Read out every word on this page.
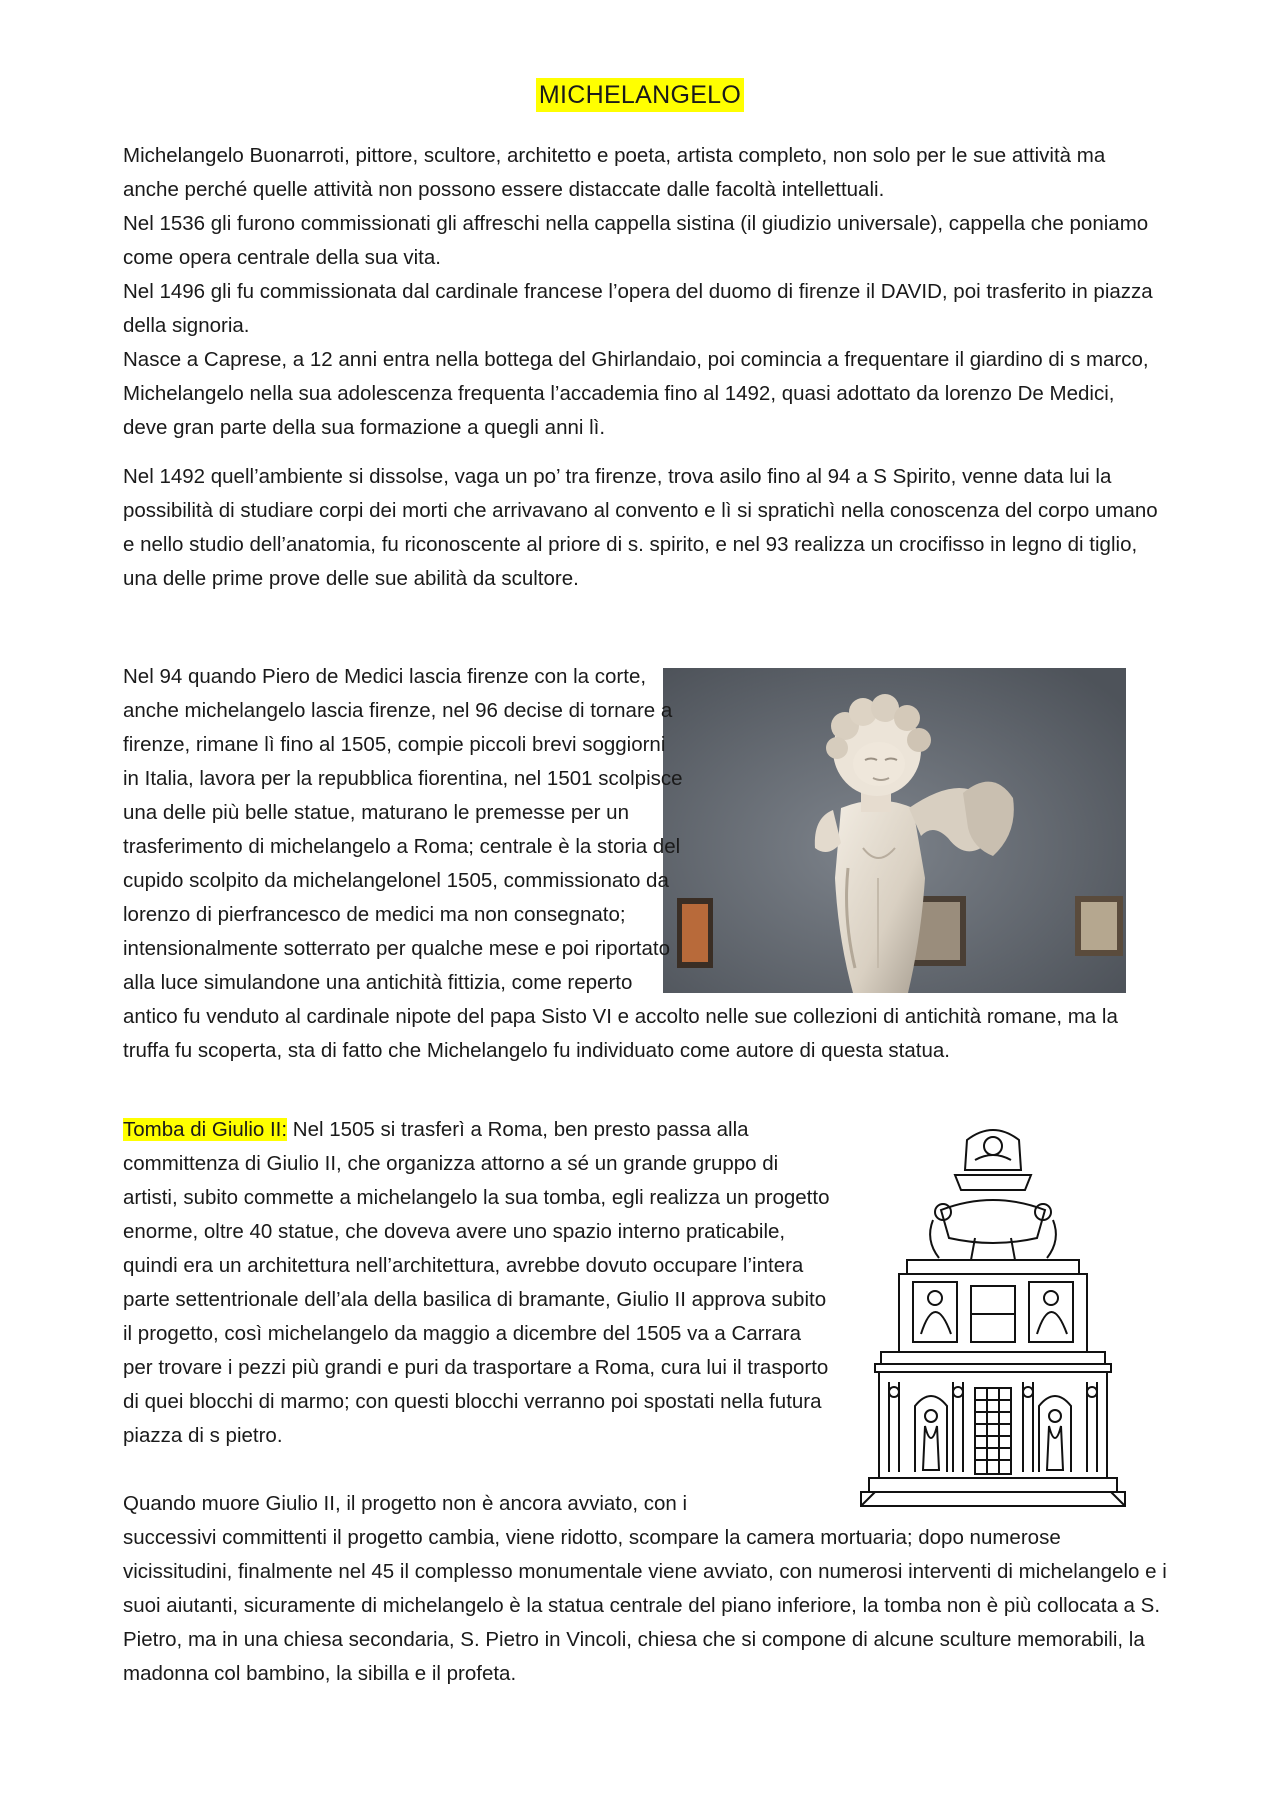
MICHELANGELO

Michelangelo Buonarroti, pittore, scultore, architetto e poeta, artista completo, non solo per le sue attività ma anche perché quelle attività non possono essere distaccate dalle facoltà intellettuali.

Nel 1536 gli furono commissionati gli affreschi nella cappella sistina (il giudizio universale), cappella che poniamo come opera centrale della sua vita.

Nel 1496 gli fu commissionata dal cardinale francese l’opera del duomo di firenze il DAVID, poi trasferito in piazza della signoria.

Nasce a Caprese, a 12 anni entra nella bottega del Ghirlandaio, poi comincia a frequentare il giardino di s marco, Michelangelo nella sua adolescenza frequenta l’accademia fino al 1492, quasi adottato da lorenzo De Medici, deve gran parte della sua formazione a quegli anni lì.

Nel 1492 quell’ambiente si dissolse, vaga un po’ tra firenze, trova asilo fino al 94 a S Spirito, venne data lui la possibilità di studiare corpi dei morti che arrivavano al convento e lì si spratichì nella conoscenza del corpo umano e nello studio dell’anatomia, fu riconoscente al priore di s. spirito, e nel 93 realizza un crocifisso in legno di tiglio, una delle prime prove delle sue abilità da scultore.

Nel 94 quando Piero de Medici lascia firenze con la corte, anche michelangelo lascia firenze, nel 96 decise di tornare a firenze, rimane lì fino al 1505, compie piccoli brevi soggiorni in Italia, lavora per la repubblica fiorentina, nel 1501 scolpisce una delle più belle statue, maturano le premesse per un trasferimento di michelangelo a Roma; centrale è la storia del cupido scolpito da michelangelonel 1505, commissionato da lorenzo di pierfrancesco de medici ma non consegnato; intensionalmente sotterrato per qualche mese e poi riportato alla luce simulandone una antichità fittizia, come reperto antico fu venduto al cardinale nipote del papa Sisto VI e accolto nelle sue collezioni di antichità romane, ma la truffa fu scoperta, sta di fatto che Michelangelo fu individuato come autore di questa statua.

Tomba di Giulio II: Nel 1505 si trasferì a Roma, ben presto passa alla committenza di Giulio II, che organizza attorno a sé un grande gruppo di artisti, subito commette a michelangelo la sua tomba, egli realizza un progetto enorme, oltre 40 statue, che doveva avere uno spazio interno praticabile, quindi era un architettura nell’architettura, avrebbe dovuto occupare l’intera parte settentrionale dell’ala della basilica di bramante, Giulio II approva subito il progetto, così michelangelo da maggio a dicembre del 1505 va a Carrara per trovare i pezzi più grandi e puri da trasportare a Roma, cura lui il trasporto di quei blocchi di marmo; con questi blocchi verranno poi spostati nella futura piazza di s pietro.

Quando muore Giulio II, il progetto non è ancora avviato, con i successivi committenti il progetto cambia, viene ridotto, scompare la camera mortuaria; dopo numerose vicissitudini, finalmente nel 45 il complesso monumentale viene avviato, con numerosi interventi di michelangelo e i suoi aiutanti, sicuramente di michelangelo è la statua centrale del piano inferiore, la tomba non è più collocata a S. Pietro, ma in una chiesa secondaria, S. Pietro in Vincoli, chiesa che si compone di alcune sculture memorabili, la madonna col bambino, la sibilla e il profeta.
